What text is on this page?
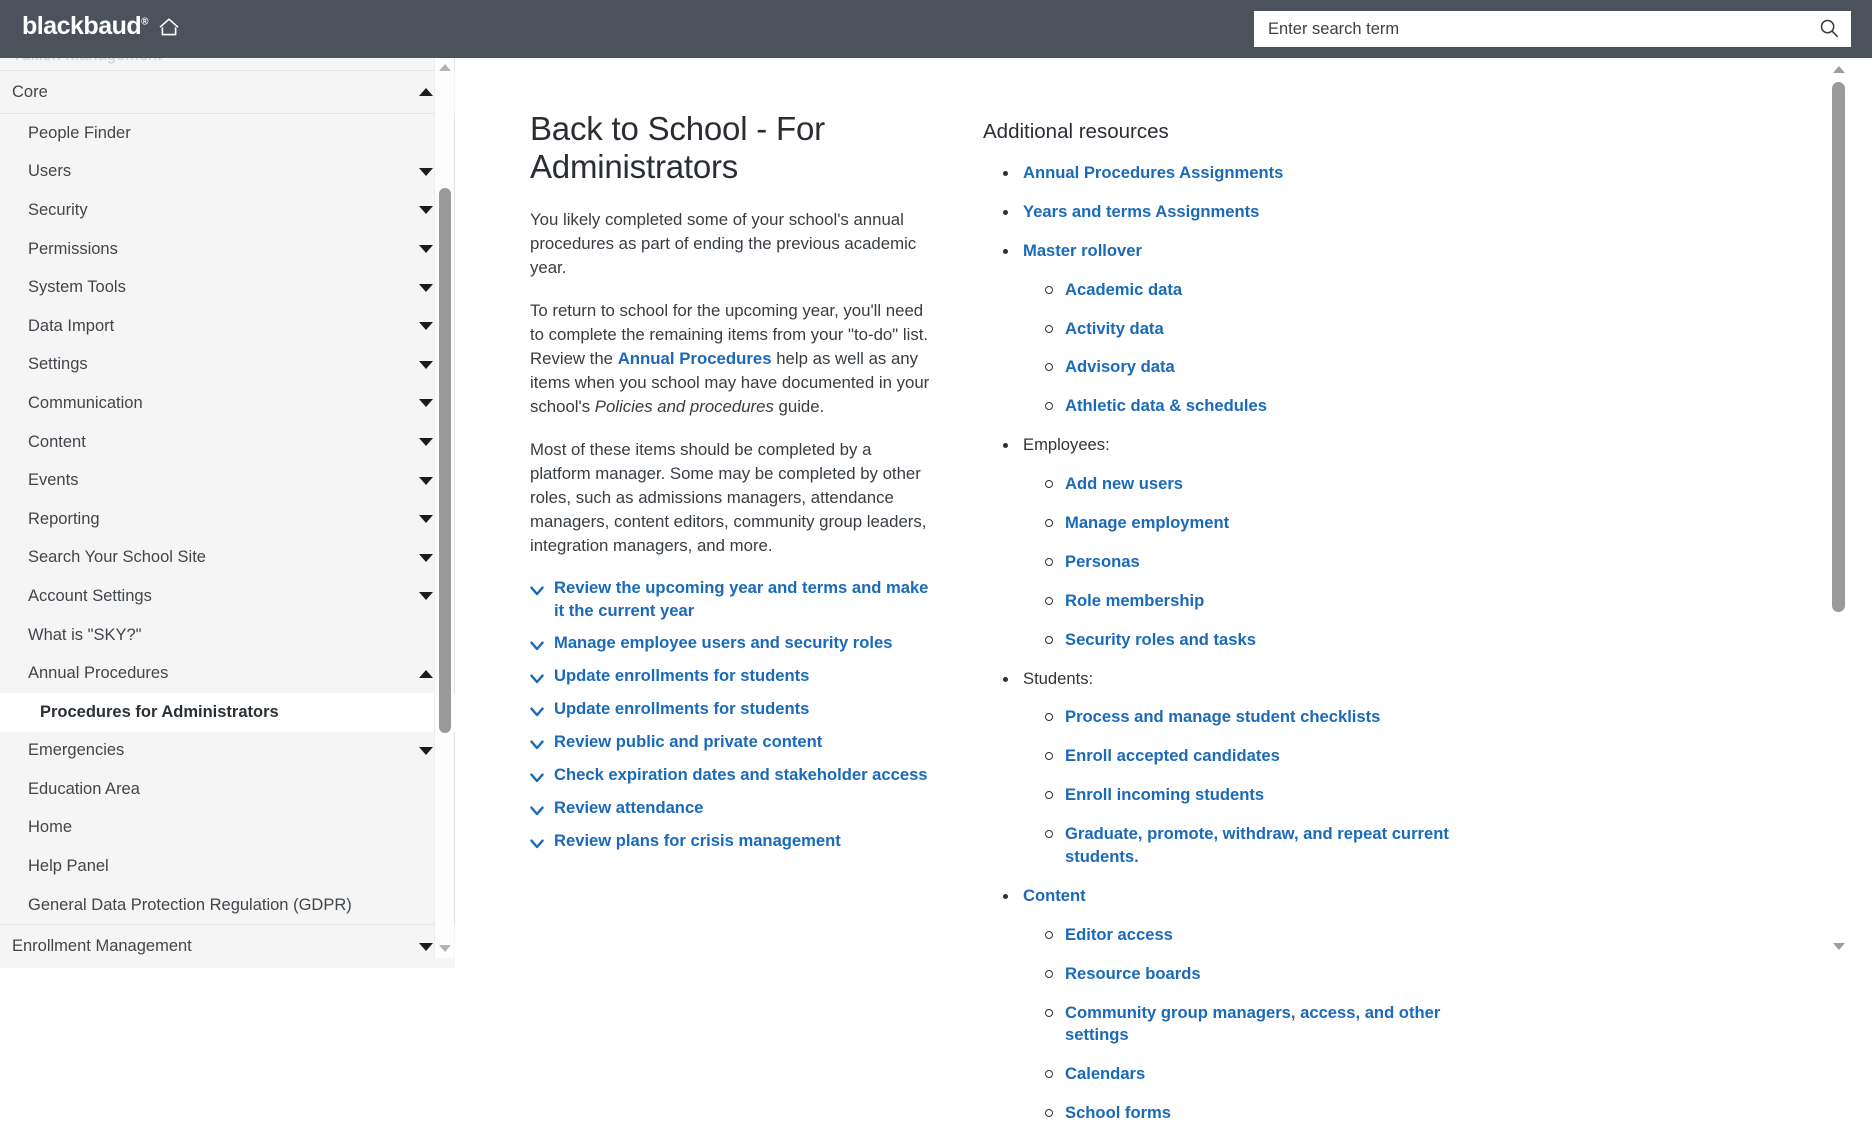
blackbaud®
Enter search term
Core
People Finder
Users
Security
Permissions
System Tools
Data Import
Settings
Communication
Content
Events
Reporting
Search Your School Site
Account Settings
What is "SKY?"
Annual Procedures
Procedures for Administrators
Emergencies
Education Area
Home
Help Panel
General Data Protection Regulation (GDPR)
Enrollment Management
Back to School - For Administrators

You likely completed some of your school's annual procedures as part of ending the previous academic year.

To return to school for the upcoming year, you'll need to complete the remaining items from your "to-do" list. Review the Annual Procedures help as well as any items when you school may have documented in your school's Policies and procedures guide.

Most of these items should be completed by a platform manager. Some may be completed by other roles, such as admissions managers, attendance managers, content editors, community group leaders, integration managers, and more.

Review the upcoming year and terms and make it the current year
Manage employee users and security roles
Update enrollments for students
Update enrollments for students
Review public and private content
Check expiration dates and stakeholder access
Review attendance
Review plans for crisis management
Additional resources
Annual Procedures Assignments
Years and terms Assignments
Master rollover
Academic data
Activity data
Advisory data
Athletic data & schedules
Employees:
Add new users
Manage employment
Personas
Role membership
Security roles and tasks
Students:
Process and manage student checklists
Enroll accepted candidates
Enroll incoming students
Graduate, promote, withdraw, and repeat current students.
Content
Editor access
Resource boards
Community group managers, access, and other settings
Calendars
School forms
